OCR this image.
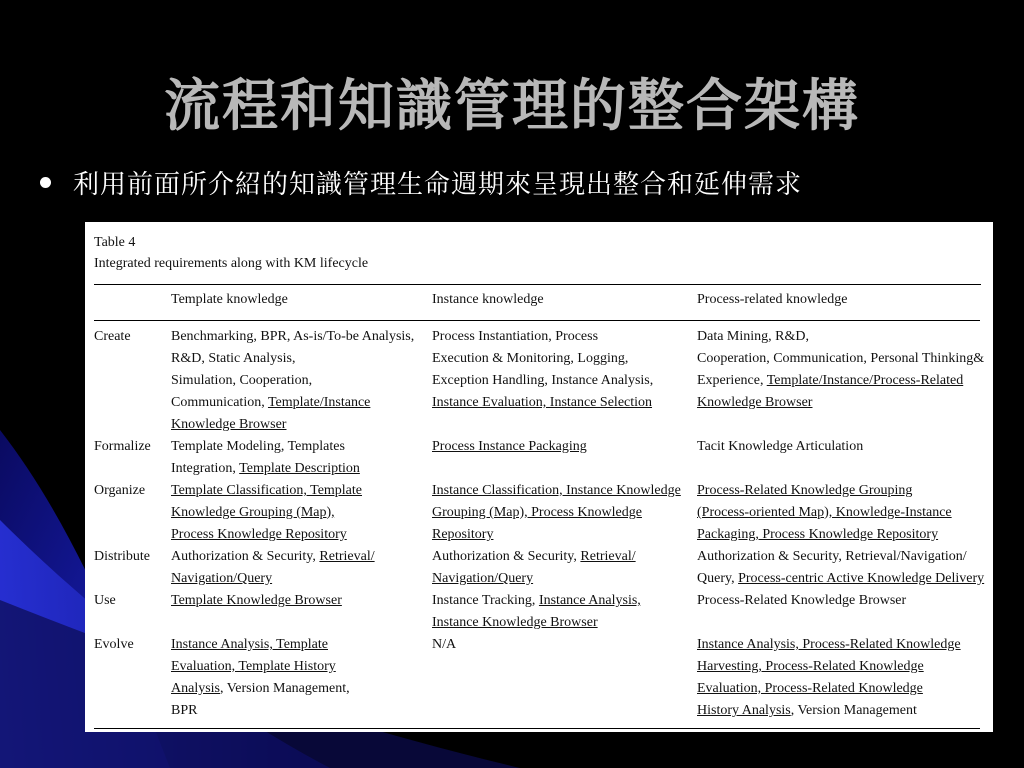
流程和知識管理的整合架構
利用前面所介紹的知識管理生命週期來呈現出整合和延伸需求
Table 4
Integrated requirements along with KM lifecycle
	Template knowledge	Instance knowledge	Process-related knowledge
Create	Benchmarking, BPR, As-is/To-be Analysis,
R&D, Static Analysis,
Simulation, Cooperation,
Communication, Template/Instance
Knowledge Browser	Process Instantiation, Process
Execution & Monitoring, Logging,
Exception Handling, Instance Analysis,
Instance Evaluation, Instance Selection	Data Mining, R&D,
Cooperation, Communication, Personal Thinking&
Experience, Template/Instance/Process-Related
Knowledge Browser

Formalize	Template Modeling, Templates
Integration, Template Description	Process Instance Packaging	Tacit Knowledge Articulation

Organize	Template Classification, Template
Knowledge Grouping (Map),
Process Knowledge Repository	Instance Classification, Instance Knowledge
Grouping (Map), Process Knowledge
Repository	Process-Related Knowledge Grouping
(Process-oriented Map), Knowledge-Instance
Packaging, Process Knowledge Repository

Distribute	Authorization & Security, Retrieval/
Navigation/Query	Authorization & Security, Retrieval/
Navigation/Query	Authorization & Security, Retrieval/Navigation/
Query, Process-centric Active Knowledge Delivery

Use	Template Knowledge Browser	Instance Tracking, Instance Analysis,
Instance Knowledge Browser	Process-Related Knowledge Browser

Evolve	Instance Analysis, Template
Evaluation, Template History
Analysis, Version Management,
BPR	N/A	Instance Analysis, Process-Related Knowledge
Harvesting, Process-Related Knowledge
Evaluation, Process-Related Knowledge
History Analysis, Version Management
